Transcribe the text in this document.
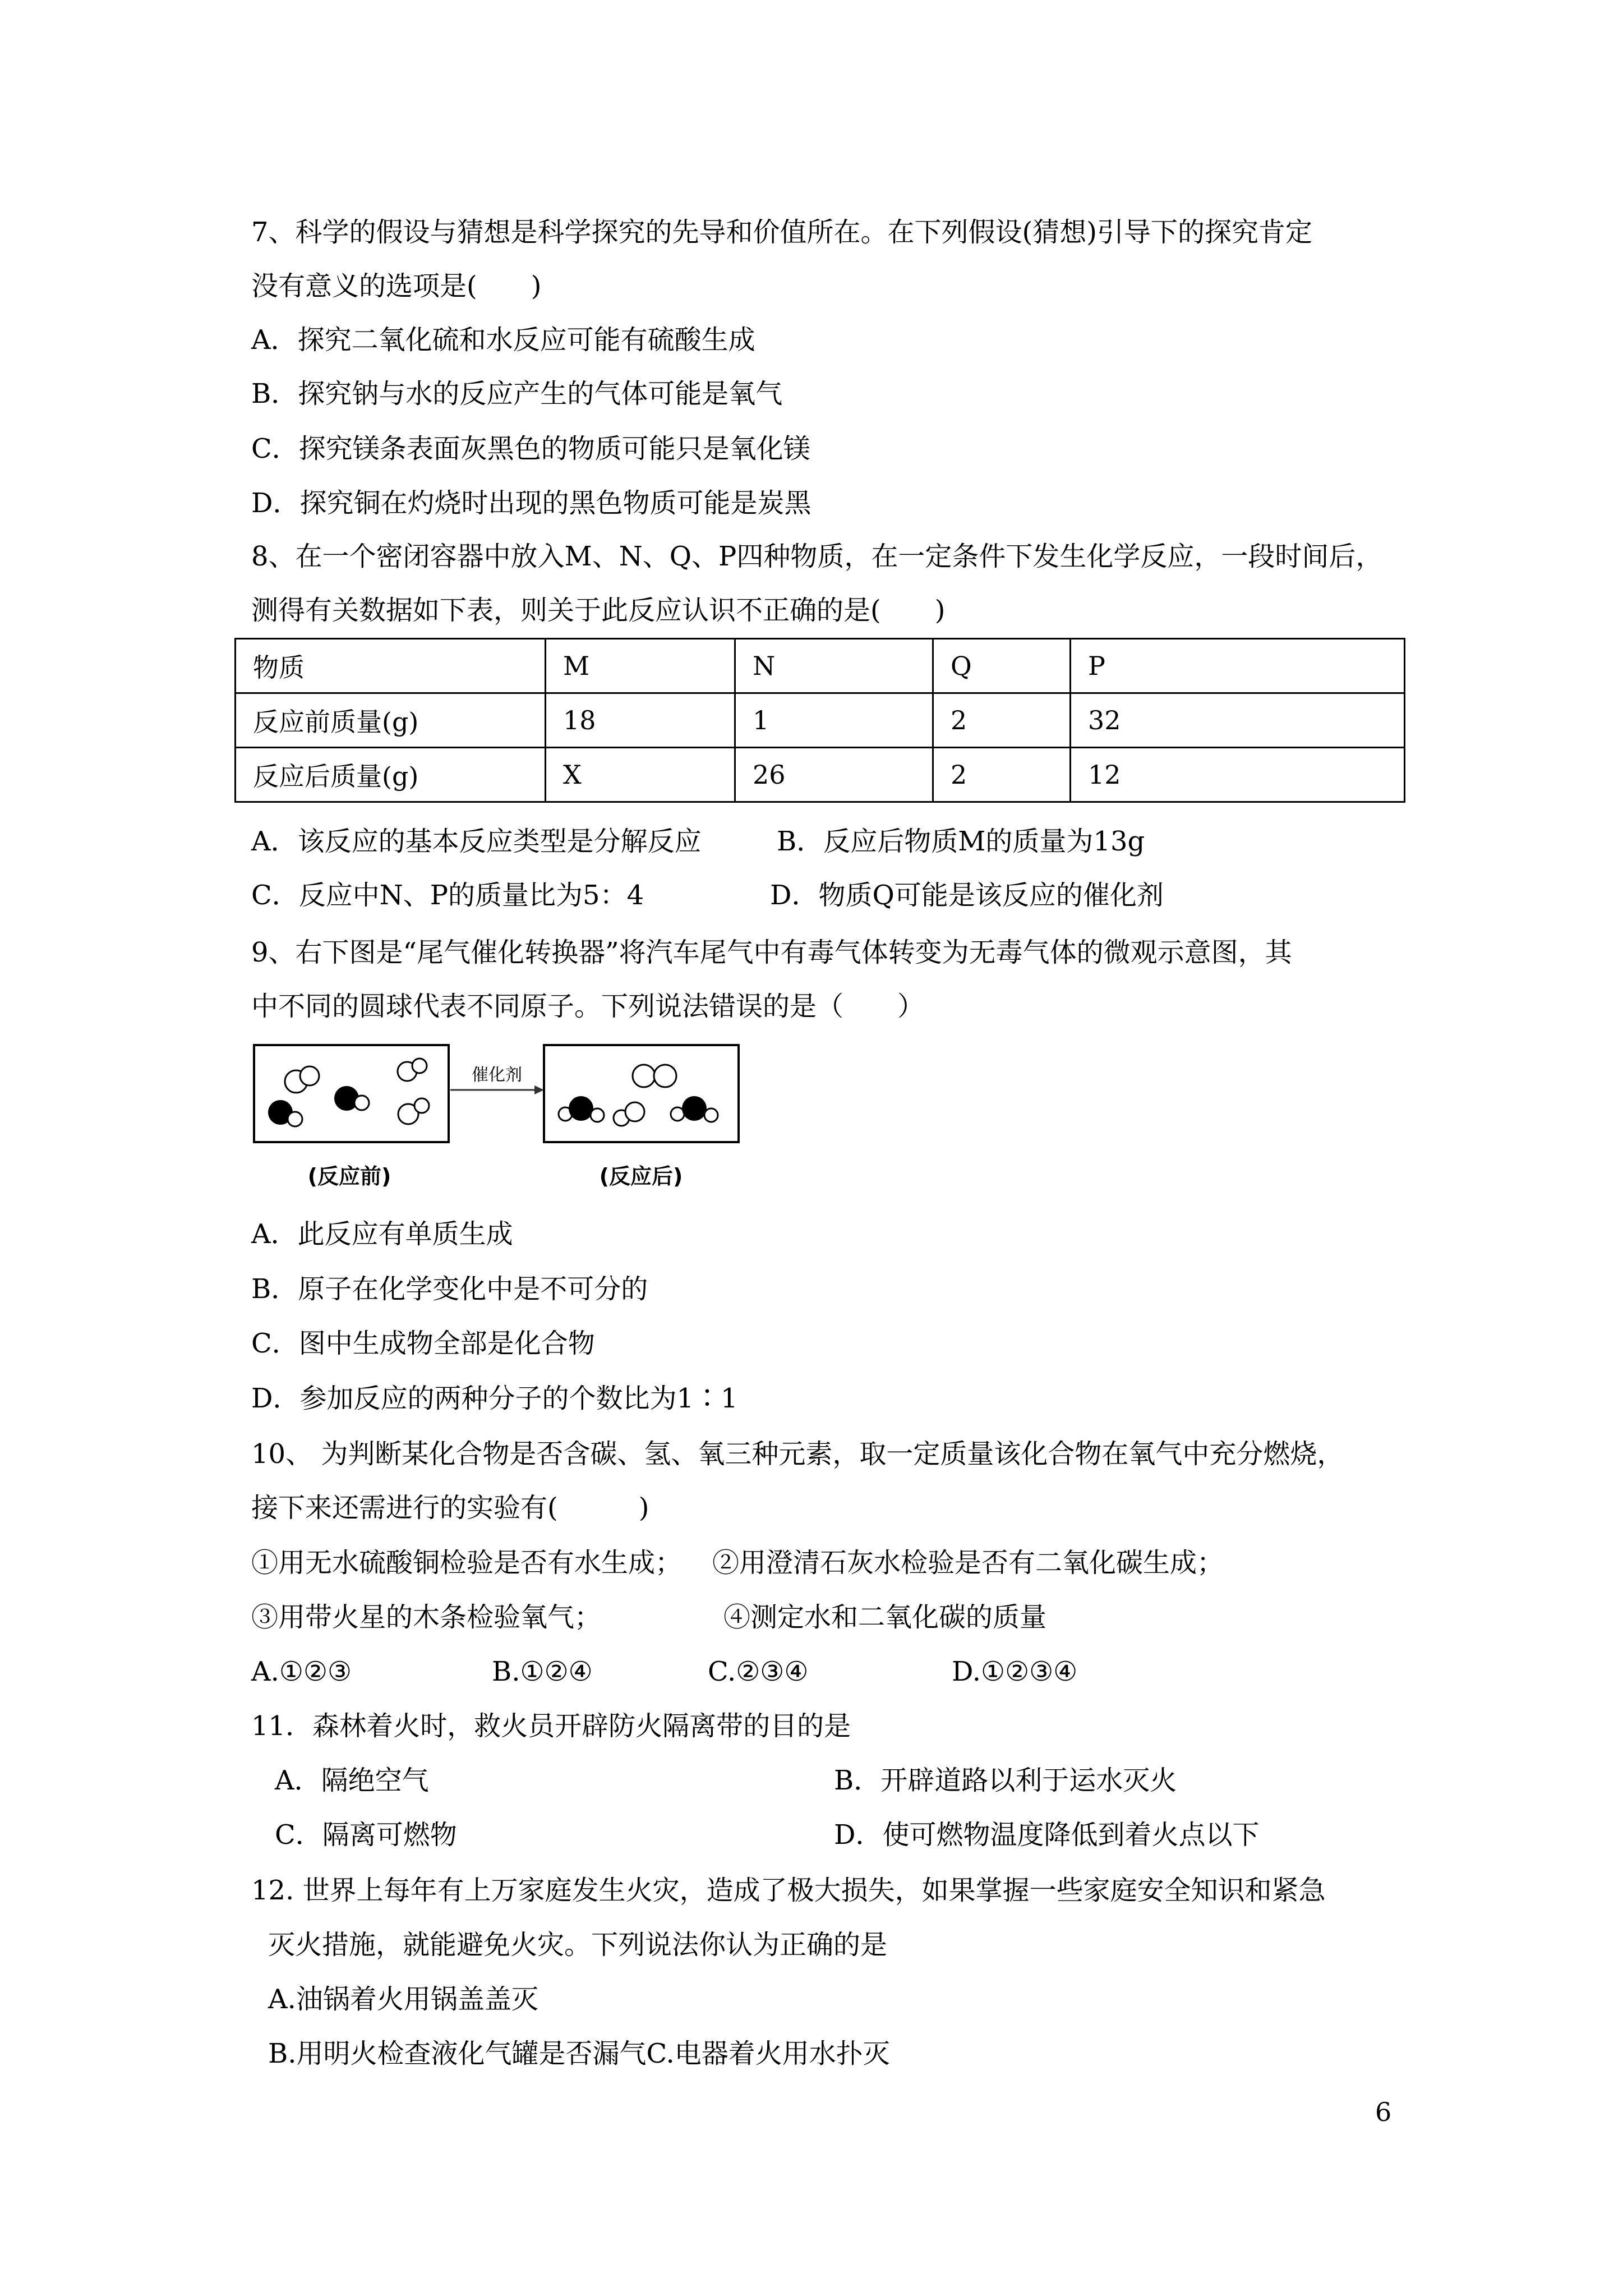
7、科学的假设与猜想是科学探究的先导和价值所在。在下列假设(猜想)引导下的探究肯定
没有意义的选项是(　　)
A．探究二氧化硫和水反应可能有硫酸生成
B．探究钠与水的反应产生的气体可能是氧气
C．探究镁条表面灰黑色的物质可能只是氧化镁
D．探究铜在灼烧时出现的黑色物质可能是炭黑
8、在一个密闭容器中放入M、N、Q、P四种物质，在一定条件下发生化学反应，一段时间后，
测得有关数据如下表，则关于此反应认识不正确的是(　　)
物质	M	N	Q	P
反应前质量(g)	18	1	2	32
反应后质量(g)	X	26	2	12
A．该反应的基本反应类型是分解反应	B．反应后物质M的质量为13g
C．反应中N、P的质量比为5：4	D．物质Q可能是该反应的催化剂
9、右下图是“尾气催化转换器”将汽车尾气中有毒气体转变为无毒气体的微观示意图，其
中不同的圆球代表不同原子。下列说法错误的是（　　）
催化剂
(反应前)	(反应后)
A．此反应有单质生成
B．原子在化学变化中是不可分的
C．图中生成物全部是化合物
D．参加反应的两种分子的个数比为1∶1
10、 为判断某化合物是否含碳、氢、氧三种元素，取一定质量该化合物在氧气中充分燃烧，
接下来还需进行的实验有(　　　)
①用无水硫酸铜检验是否有水生成； ②用澄清石灰水检验是否有二氧化碳生成；
③用带火星的木条检验氧气；	④测定水和二氧化碳的质量
A.①②③	B.①②④	C.②③④	D.①②③④
11．森林着火时，救火员开辟防火隔离带的目的是
A．隔绝空气	B．开辟道路以利于运水灭火
C．隔离可燃物	D．使可燃物温度降低到着火点以下
12. 世界上每年有上万家庭发生火灾，造成了极大损失，如果掌握一些家庭安全知识和紧急
灭火措施，就能避免火灾。下列说法你认为正确的是
A.油锅着火用锅盖盖灭
B.用明火检查液化气罐是否漏气C.电器着火用水扑灭
6
